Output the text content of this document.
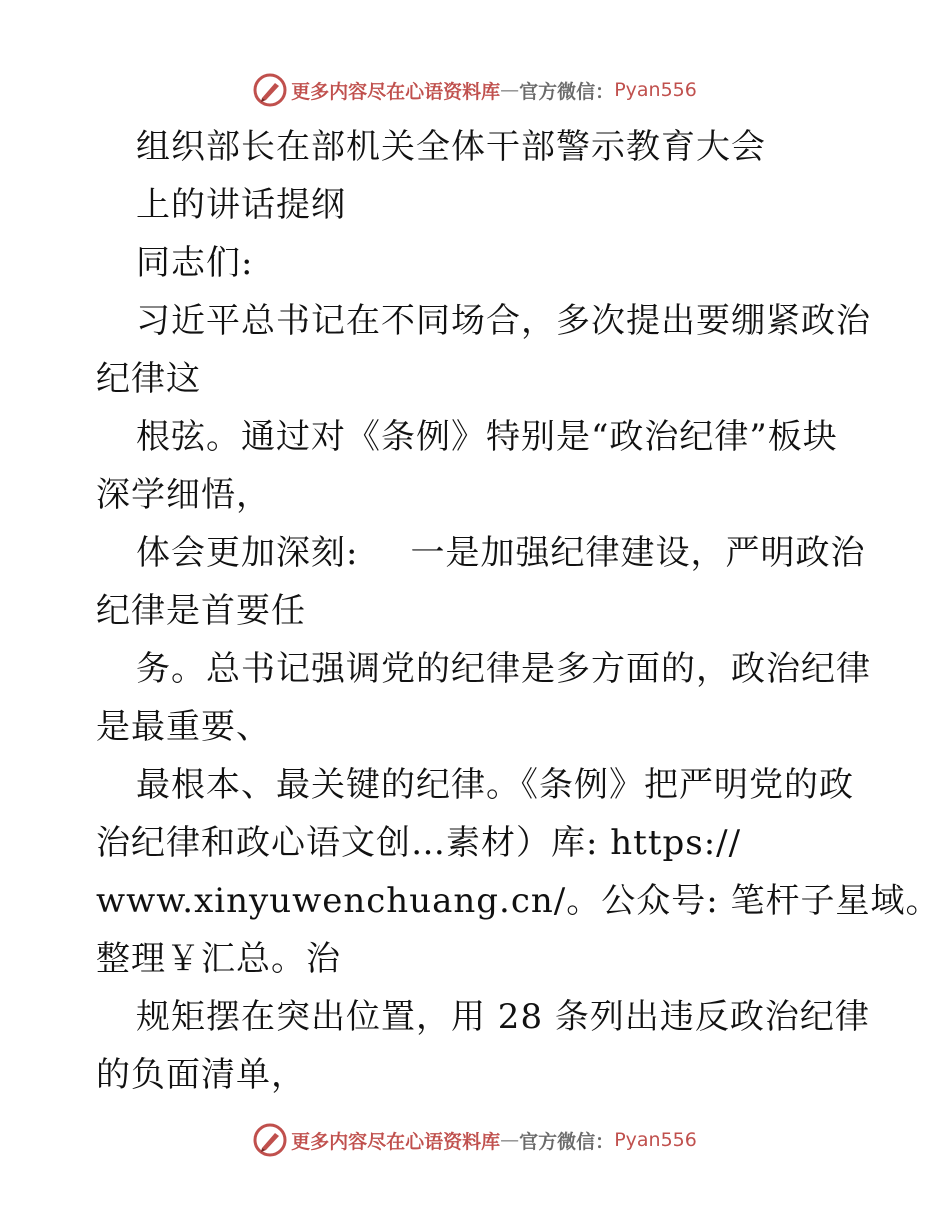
更多内容尽在心语资料库 — 官方微信： Pyan556
组织部长在部机关全体干部警示教育大会
上的讲话提纲
同志们:
习近平总书记在不同场合，多次提出要绷紧政治
纪律这
根弦。通过对《条例》特别是“政治纪律”板块
深学细悟，
体会更加深刻: 一是加强纪律建设，严明政治
纪律是首要任
务。总书记强调党的纪律是多方面的，政治纪律
是最重要、
最根本、最关键的纪律。《条例》把严明党的政
治纪律和政心语文创…素材）库: https://
www.xinyuwenchuang.cn/。公众号: 笔杆子星域。
整理￥汇总。治
规矩摆在突出位置，用 28 条列出违反政治纪律
的负面清单，
更多内容尽在心语资料库 — 官方微信： Pyan556
